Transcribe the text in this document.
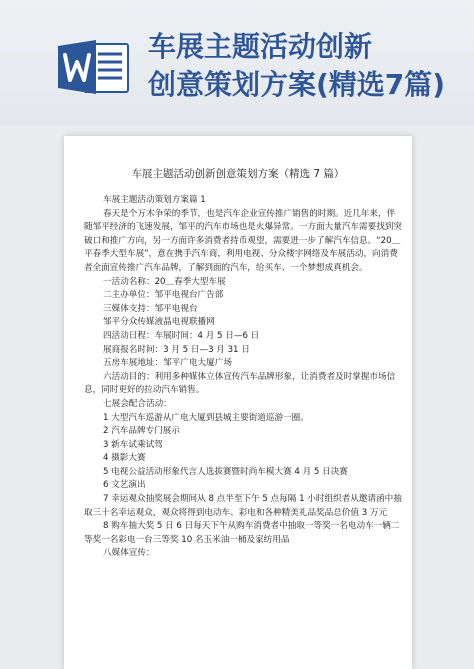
车展主题活动创新
创意策划方案(精选7篇)
车展主题活动创新创意策划方案（精选 7 篇）

车展主题活动策划方案篇 1

春天是个万木争荣的季节，也是汽车企业宣传推广销售的时期。近几年来，伴随邹平经济的飞速发展，邹平的汽车市场也是火爆异常。一方面大量汽车需要找到突破口和推广方向，另一方面许多消费者持币观望，需要进一步了解汽车信息。“20＿平春季大型车展”，意在携手汽车商，利用电视、分众楼宇网络及车展活动，向消费者全面宣传推广汽车品牌，了解到面的汽车，给买车、一个梦想成真机会。

一活动名称：20＿春季大型车展

二主办单位：邹平电视台广告部

三媒体支持：邹平电视台

邹平分众传媒液晶电视联播网

四活动日程：车展时间：4 月 5 日—6 日

展商报名时间：3 月 5 日—3 月 31 日

五房车展地址：邹平广电大厦广场

六活动目的：利用多种媒体立体宣传汽车品牌形象，让消费者及时掌握市场信息，同时更好的拉动汽车销售。

七展会配合活动：

1 大型汽车巡游从广电大厦到县城主要街道巡游一圈。

2 汽车品牌专门展示

3 新车试乘试驾

4 摄影大赛

5 电视公益活动形象代言人选拔赛暨时尚车模大赛 4 月 5 日决赛

6 文艺演出

7 幸运观众抽奖展会期间从 8 点半至下午 5 点每隔 1 小时组织者从邀请函中抽取三十名幸运观众，观众将得到电动车、彩电和各种精美礼品奖品总价值 3 万元

8 购车抽大奖 5 日 6 日每天下午从购车消费者中抽取一等奖一名电动车一辆二等奖一名彩电一台三等奖 10 名玉米油一桶及家纺用品

八媒体宣传：
